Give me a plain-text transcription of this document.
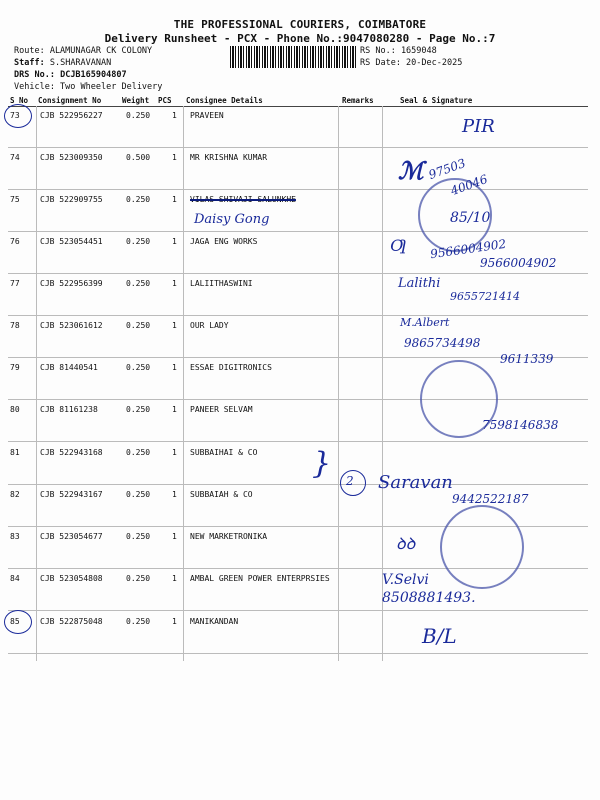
THE PROFESSIONAL COURIERS, COIMBATORE
Delivery Runsheet - PCX - Phone No.:9047080280 - Page No.:7
Route: ALAMUNAGAR CK COLONY
Staff: S.SHARAVANAN
DRS No.: DCJB165904807
Vehicle: Two Wheeler Delivery
RS No.: 1659048
RS Date: 20-Dec-2025
S No Consignment No	Weight PCS Consignee Details	Remarks	Seal & Signature
73	CJB 522956227	0.250	1 PRAVEEN
74	CJB 523009350	0.500	1 MR KRISHNA KUMAR
75	CJB 522909755	0.250	1 VILAS SHIVAJI SALUNKHE
76	CJB 523054451	0.250	1 JAGA ENG WORKS
77	CJB 522956399	0.250	1 LALIITHASWINI
78	CJB 523061612	0.250	1 OUR LADY
79	CJB 81440541	0.250	1 ESSAE DIGITRONICS
80	CJB 81161238	0.250	1 PANEER SELVAM
81	CJB 522943168	0.250	1 SUBBAIHAI & CO
82	CJB 522943167	0.250	1 SUBBAIAH & CO
83	CJB 523054677	0.250	1 NEW MARKETRONIKA
84	CJB 523054808	0.250	1 AMBAL GREEN POWER ENTERPRSIES
85	CJB 522875048	0.250	1 MANIKANDAN
PIR
ℳ 97503
40046
Daisy Gong	85/10
Ƣ 9566004902
9566004902
Lalithi
9655721414
M.Albert
9865734498
9611339
7598146838
} 2 Saravan
9442522187
ꝺꝺ
V.Selvi
8508881493.
B/L
